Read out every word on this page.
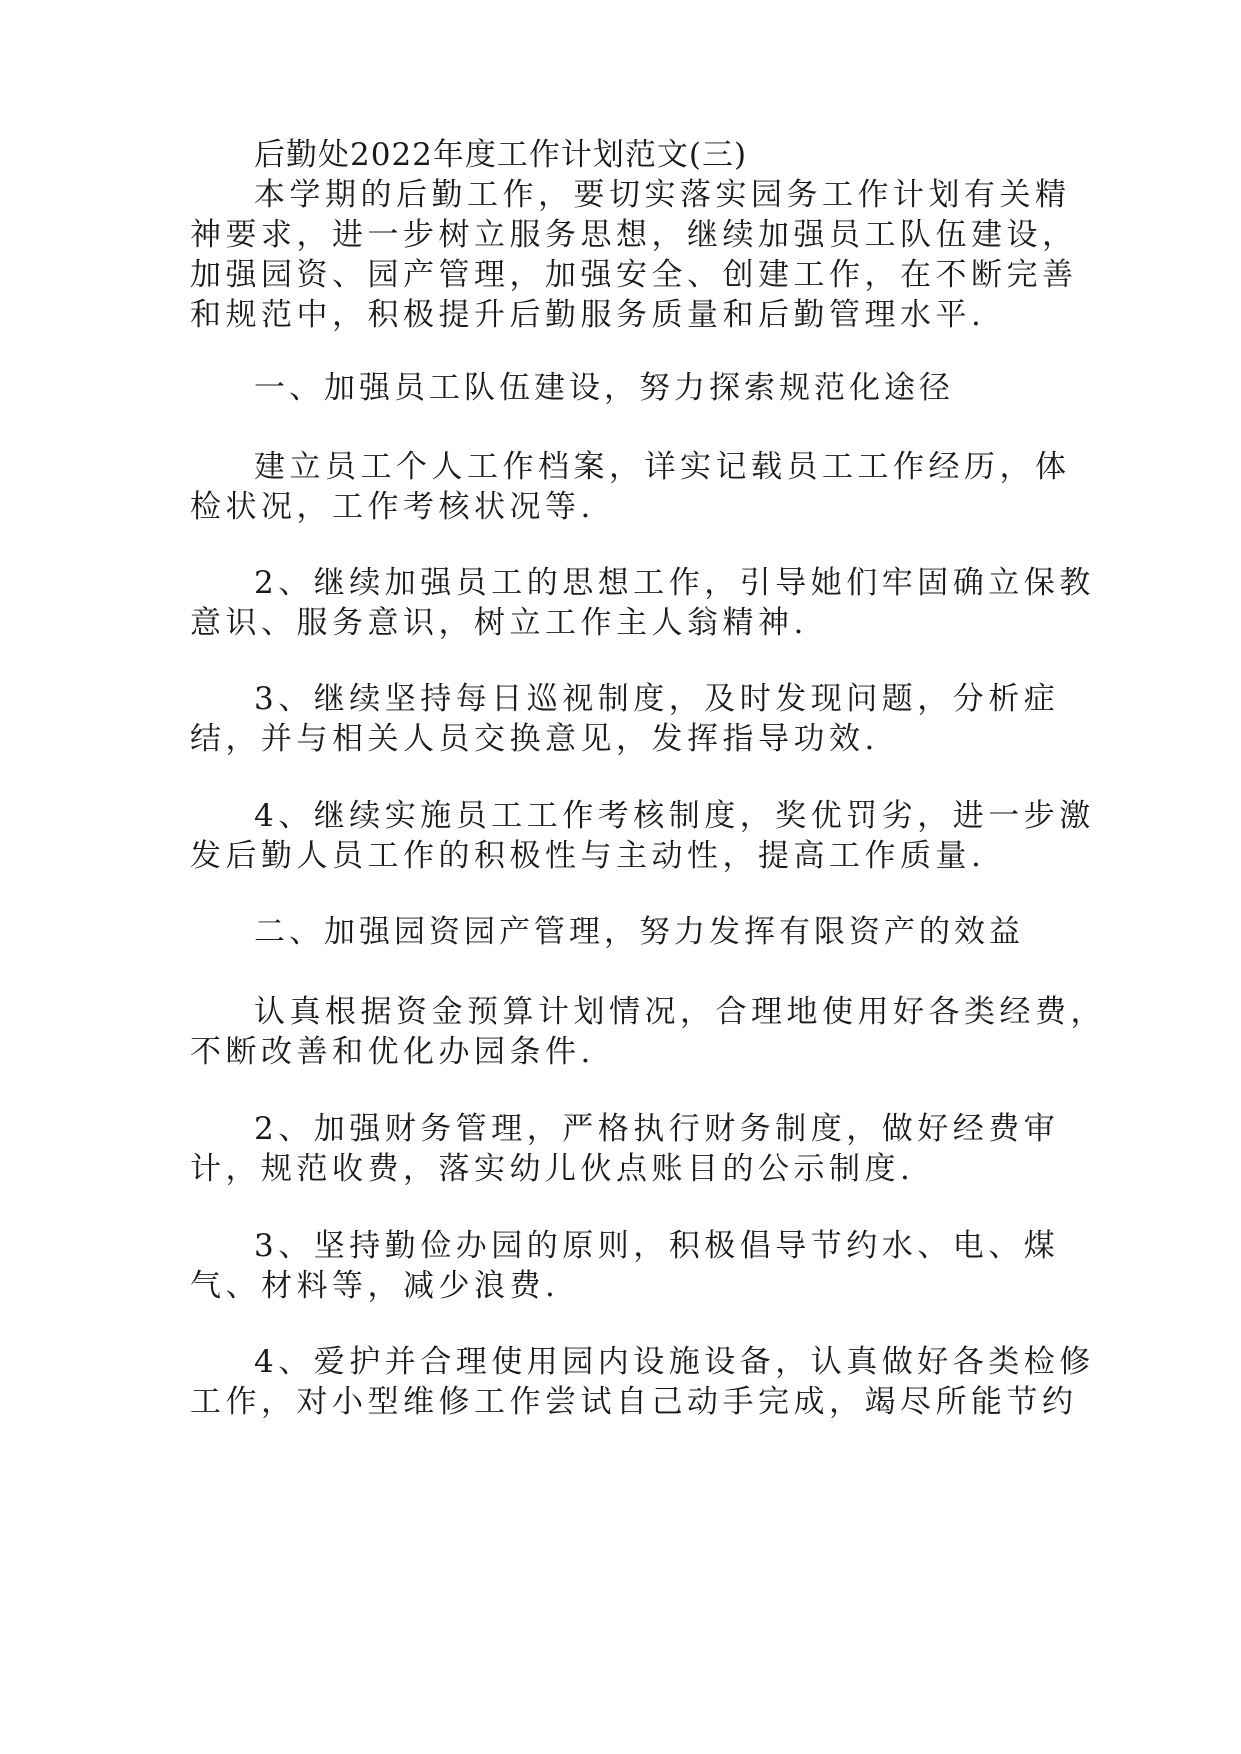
后勤处2022年度工作计划范文(三)
本学期的后勤工作，要切实落实园务工作计划有关精
神要求，进一步树立服务思想，继续加强员工队伍建设，
加强园资、园产管理，加强安全、创建工作，在不断完善
和规范中，积极提升后勤服务质量和后勤管理水平.
一、加强员工队伍建设，努力探索规范化途径
建立员工个人工作档案，详实记载员工工作经历，体
检状况，工作考核状况等.
2、继续加强员工的思想工作，引导她们牢固确立保教
意识、服务意识，树立工作主人翁精神.
3、继续坚持每日巡视制度，及时发现问题，分析症
结，并与相关人员交换意见，发挥指导功效.
4、继续实施员工工作考核制度，奖优罚劣，进一步激
发后勤人员工作的积极性与主动性，提高工作质量.
二、加强园资园产管理，努力发挥有限资产的效益
认真根据资金预算计划情况，合理地使用好各类经费，
不断改善和优化办园条件.
2、加强财务管理，严格执行财务制度，做好经费审
计，规范收费，落实幼儿伙点账目的公示制度.
3、坚持勤俭办园的原则，积极倡导节约水、电、煤
气、材料等，减少浪费.
4、爱护并合理使用园内设施设备，认真做好各类检修
工作，对小型维修工作尝试自己动手完成，竭尽所能节约
